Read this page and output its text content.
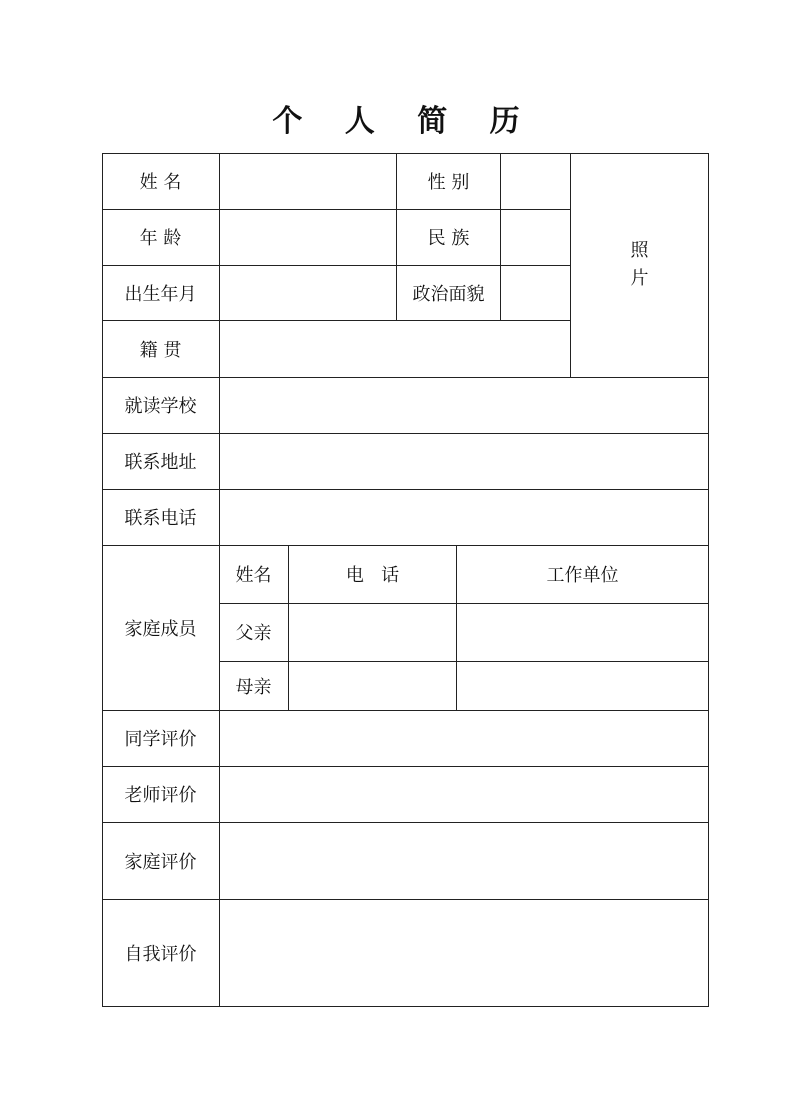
个 人 简 历
姓 名	性 别
年 龄	民 族
出生年月	政治面貌
籍 贯
照
片
就读学校
联系地址
联系电话
家庭成员
姓名	电   话	工作单位
父亲
母亲
同学评价
老师评价
家庭评价
自我评价
